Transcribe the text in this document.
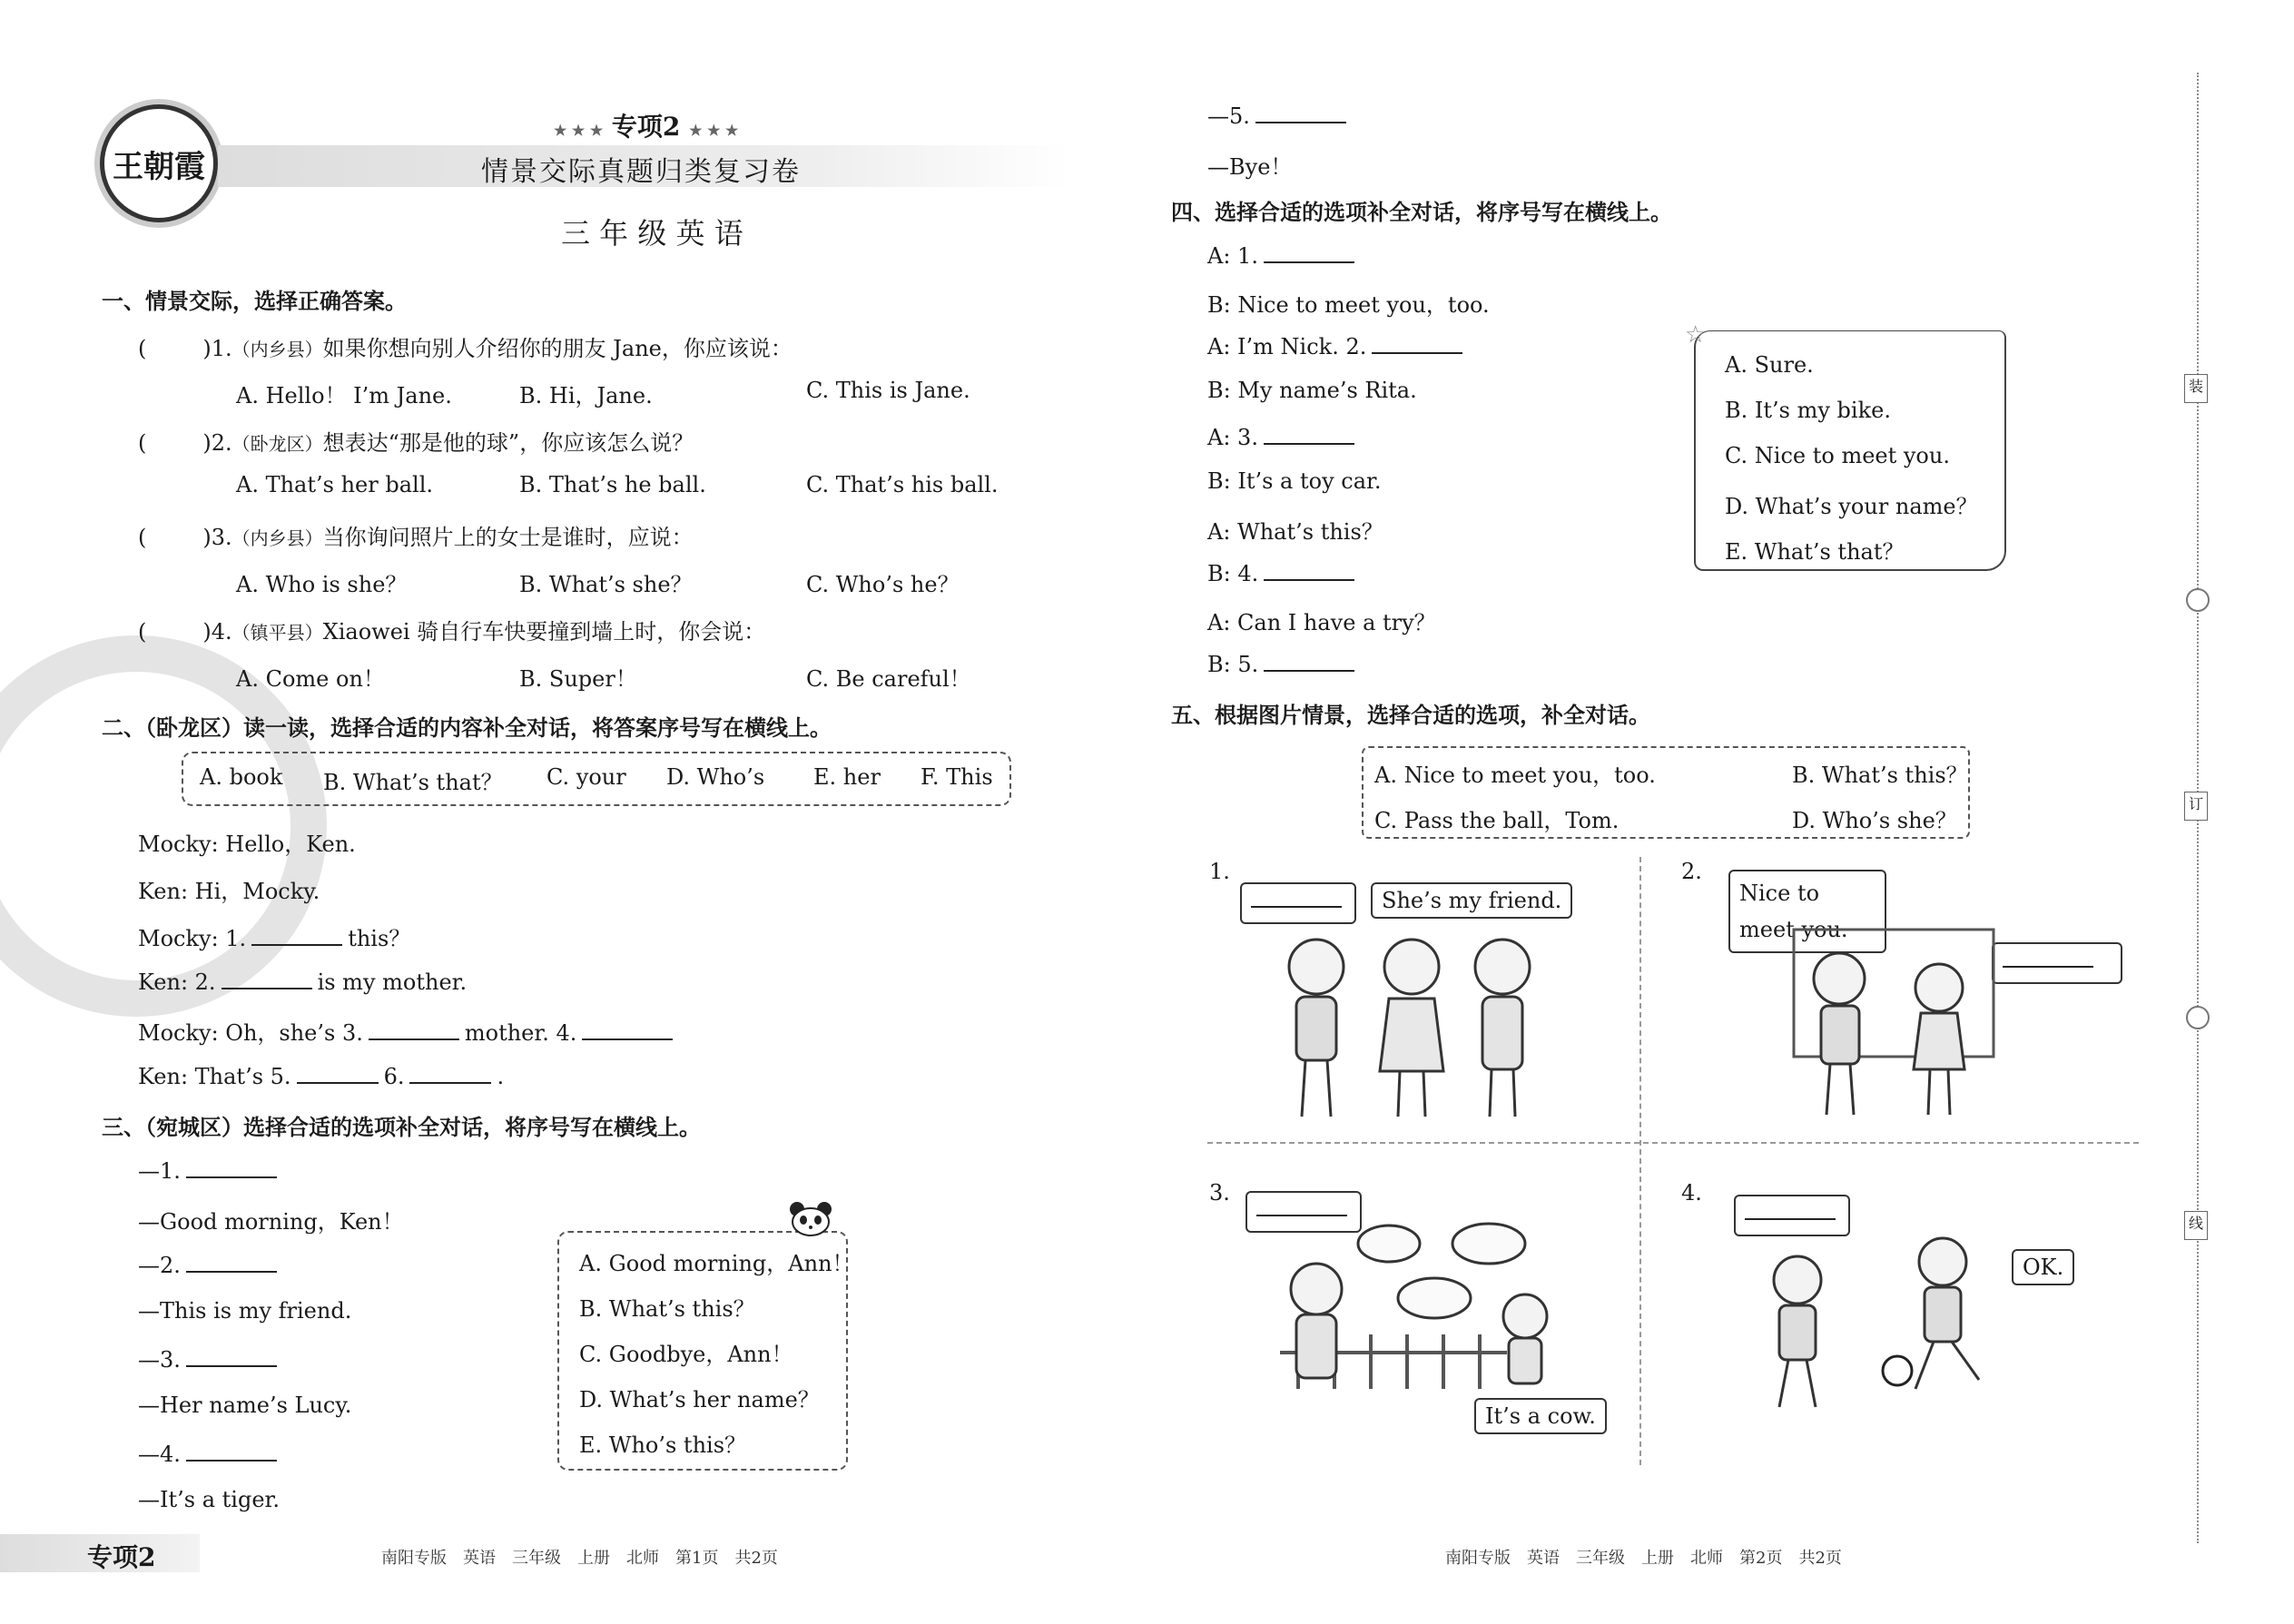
王朝霞
★ ★ ★ 专项2 ★ ★ ★
情景交际真题归类复习卷
三 年 级 英 语
一、情景交际，选择正确答案。
(	)1.（内乡县）如果你想向别人介绍你的朋友 Jane，你应该说：
A. Hello！ I’m Jane.	B. Hi，Jane.	C. This is Jane.
(	)2.（卧龙区）想表达“那是他的球”，你应该怎么说？
A. That’s her ball.	B. That’s he ball.	C. That’s his ball.
(	)3.（内乡县）当你询问照片上的女士是谁时，应说：
A. Who is she？	B. What’s she？	C. Who’s he？
(	)4.（镇平县）Xiaowei 骑自行车快要撞到墙上时，你会说：
A. Come on！	B. Super！	C. Be careful！
二、（卧龙区）读一读，选择合适的内容补全对话，将答案序号写在横线上。
A. book B. What’s that？ C. your D. Who’s E. her F. This
Mocky: Hello，Ken.
Ken: Hi，Mocky.
Mocky: 1.	this？
Ken: 2.	is my mother.
Mocky: Oh，she’s 3.	mother. 4.
Ken: That’s 5.	6.	.
三、（宛城区）选择合适的选项补全对话，将序号写在横线上。
—1.
—Good morning，Ken！
—2.
—This is my friend.
—3.
—Her name’s Lucy.
—4.
—It’s a tiger.
A. Good morning，Ann！
B. What’s this？
C. Goodbye，Ann！
D. What’s her name？
E. Who’s this？
—5.
—Bye！
四、选择合适的选项补全对话，将序号写在横线上。
A: 1.
B: Nice to meet you，too.
A: I’m Nick. 2.
B: My name’s Rita.
A: 3.
B: It’s a toy car.
A: What’s this？
B: 4.
A: Can I have a try？
B: 5.
☆
A. Sure.
B. It’s my bike.
C. Nice to meet you.
D. What’s your name？
E. What’s that？
五、根据图片情景，选择合适的选项，补全对话。
A. Nice to meet you，too.	B. What’s this？
C. Pass the ball，Tom.	D. Who’s she？
1.
She’s my friend.
2.
Nice to meet you.
3.
It’s a cow.
4.
OK.
装
订
线
专项2	南阳专版　英语　三年级　上册　北师　第1页　共2页	南阳专版　英语　三年级　上册　北师　第2页　共2页
